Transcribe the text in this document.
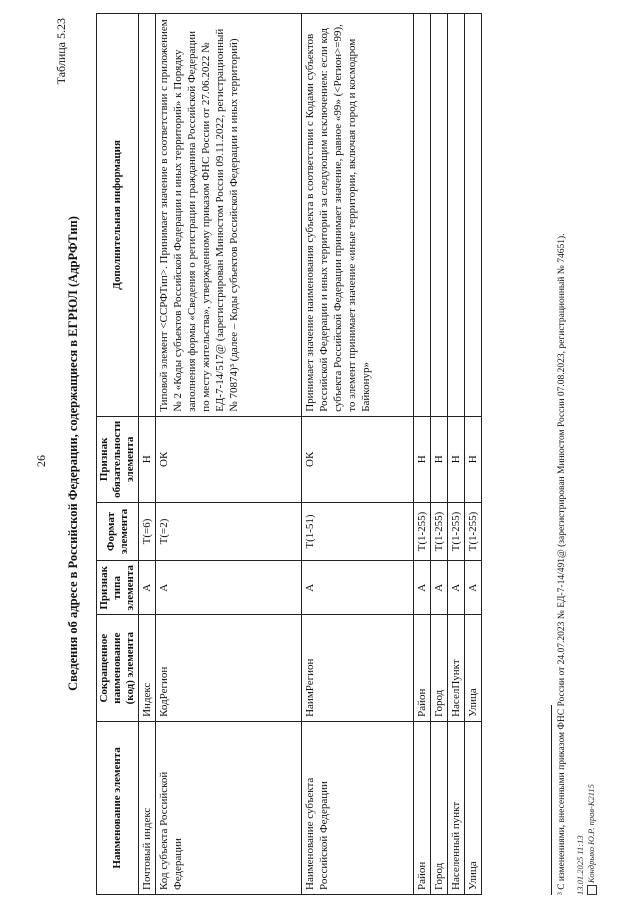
26
Таблица 5.23
Сведения об адресе в Российской Федерации, содержащиеся в ЕГРЮЛ (АдрРФТип)
Наименование элемента	Сокращенное наименование (код) элемента	Признак типа элемента	Формат элемента	Признак обязательности элемента	Дополнительная информация
Почтовый индекс	Индекс	А	T(=6)	Н	
Код субъекта Российской Федерации	КодРегион	А	T(=2)	ОК	Типовой элемент <ССРФТип>. Принимает значение в соответствии с приложением № 2 «Коды субъектов Российской Федерации и иных территорий» к Порядку заполнения формы «Сведения о регистрации гражданина Российской Федерации по месту жительства», утвержденному приказом ФНС России от 27.06.2022 № ЕД-7-14/517@ (зарегистрирован Минюстом России 09.11.2022, регистрационный № 70874)³ (далее – Коды субъектов Российской Федерации и иных территорий)
Наименование субъекта Российской Федерации	НаимРегион	А	T(1-51)	ОК	Принимает значение наименования субъекта в соответствии с Кодами субъектов Российской Федерации и иных территорий за следующим исключением: если код субъекта Российской Федерации принимает значение, равное «99» (<Регион>=99), то элемент принимает значение «иные территории, включая город и космодром Байконур»
Район	Район	А	T(1-255)	Н	
Город	Город	А	T(1-255)	Н	
Населенный пункт	НаселПункт	А	T(1-255)	Н	
Улица	Улица	А	T(1-255)	Н		³ С изменениями, внесенными приказом ФНС России от 24.07.2023 № ЕД-7-14/491@ (зарегистрирован Минюстом России 07.08.2023, регистрационный № 74651). 13.01.2025 11:13 Кондрыко Ю.Р. прав-К2115
